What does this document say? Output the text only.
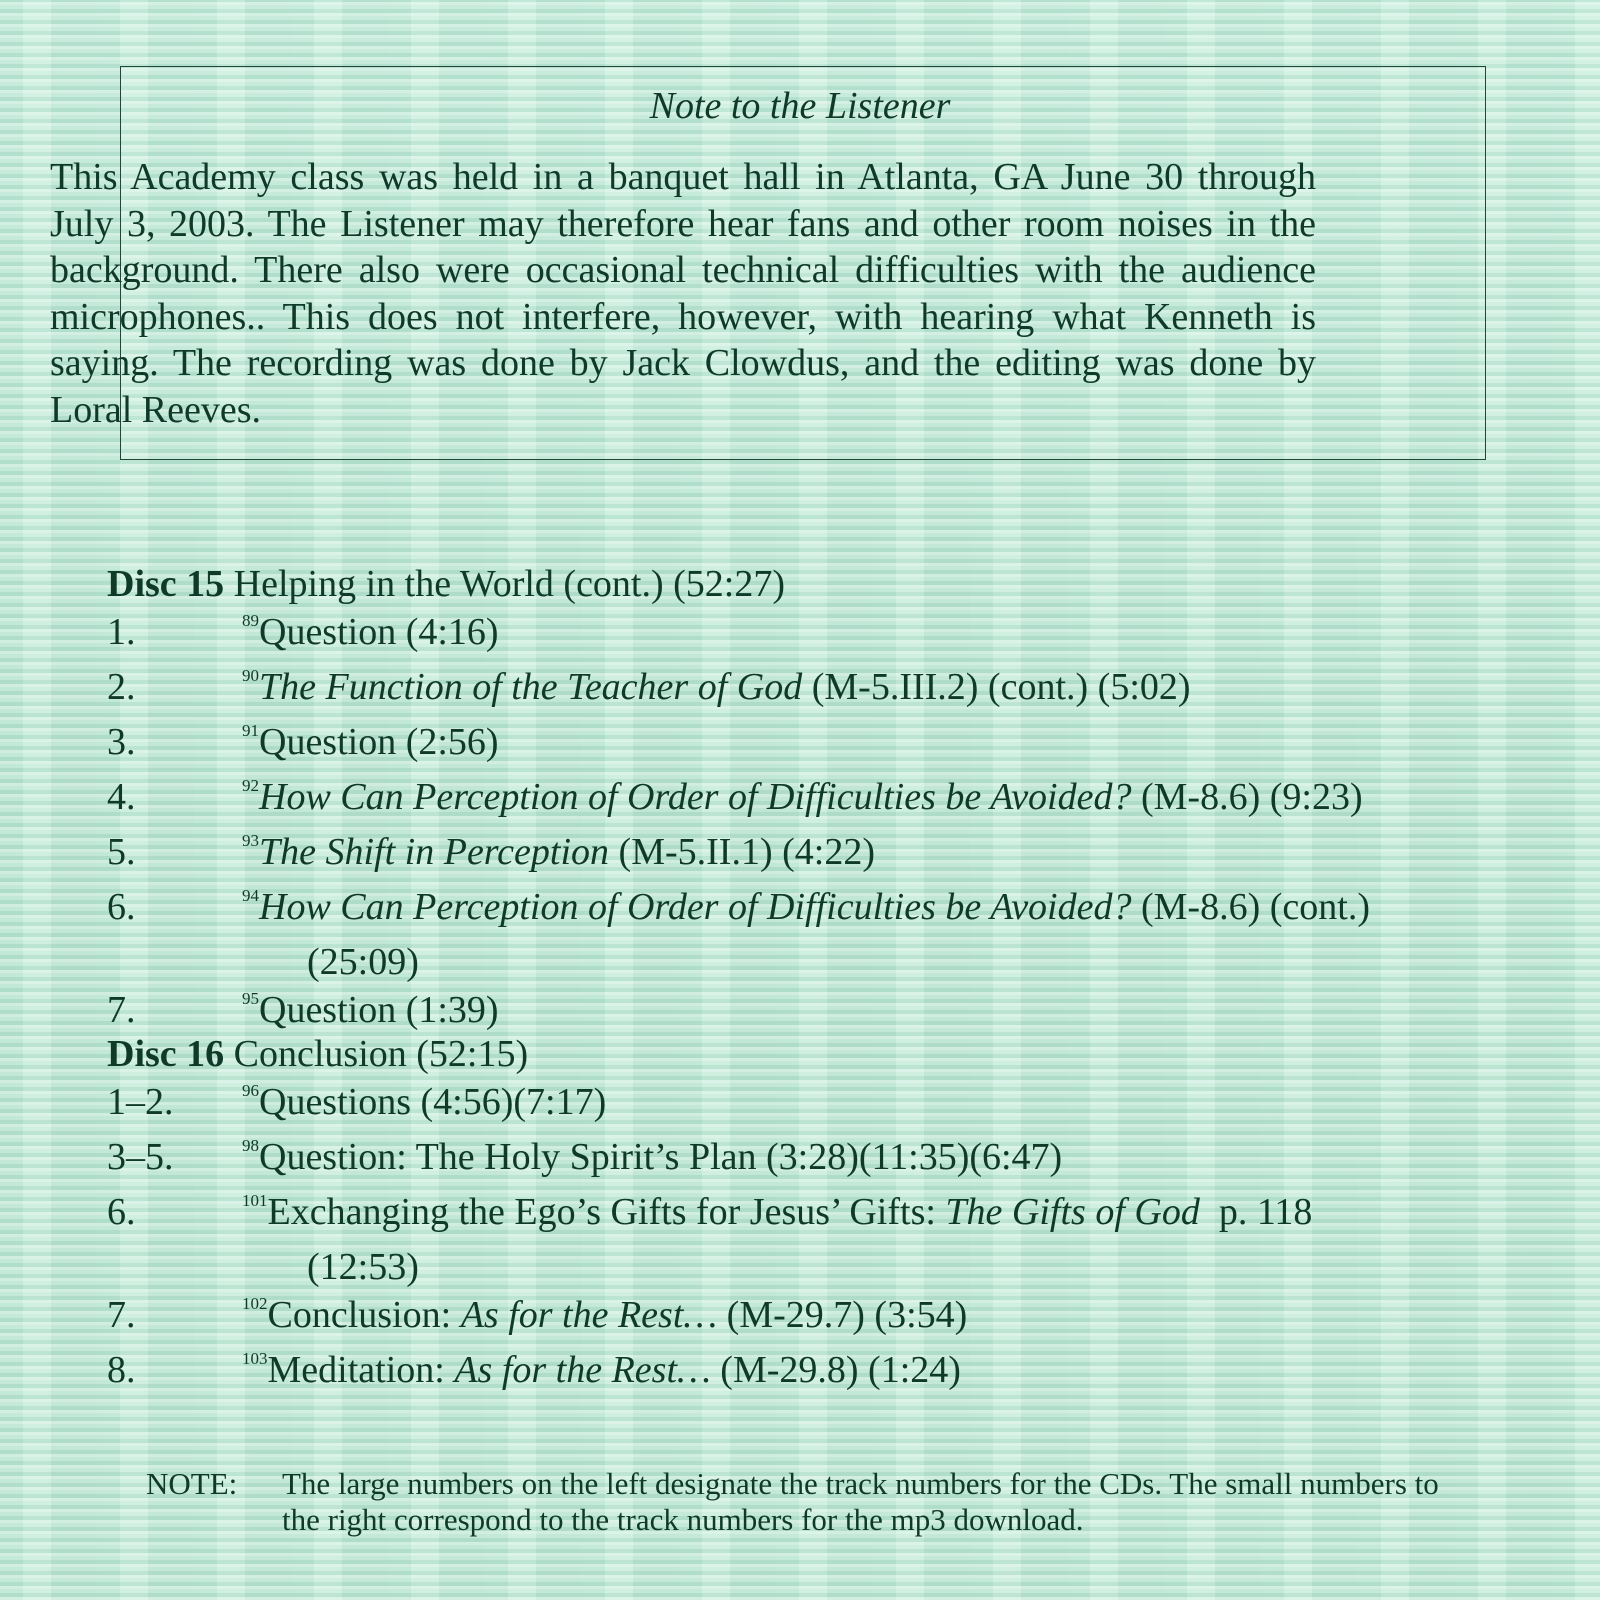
Note to the Listener

This Academy class was held in a banquet hall in Atlanta, GA June 30 through July 3, 2003. The Listener may therefore hear fans and other room noises in the background. There also were occasional technical difficulties with the audience microphones.. This does not interfere, however, with hearing what Kenneth is saying. The recording was done by Jack Clowdus, and the editing was done by Loral Reeves.

Disc 15 Helping in the World (cont.) (52:27)
1.	$^{89}$Question (4:16)
2.	$^{90}$The Function of the Teacher of God (M-5.III.2) (cont.) (5:02)
3.	$^{91}$Question (2:56)
4.	$^{92}$How Can Perception of Order of Difficulties be Avoided? (M-8.6) (9:23)
5.	$^{93}$The Shift in Perception (M-5.II.1) (4:22)
6.	$^{94}$How Can Perception of Order of Difficulties be Avoided? (M-8.6) (cont.)
(25:09)
7.	$^{95}$Question (1:39)
Disc 16 Conclusion (52:15)
1–2.	$^{96}$Questions (4:56)(7:17)
3–5.	$^{98}$Question: The Holy Spirit’s Plan (3:28)(11:35)(6:47)
6.	$^{101}$Exchanging the Ego’s Gifts for Jesus’ Gifts: The Gifts of God  p. 118
(12:53)
7.	$^{102}$Conclusion: As for the Rest… (M-29.7) (3:54)
8.	$^{103}$Meditation: As for the Rest… (M-29.8) (1:24)
NOTE: The large numbers on the left designate the track numbers for the CDs. The small numbers to the right correspond to the track numbers for the mp3 download.
